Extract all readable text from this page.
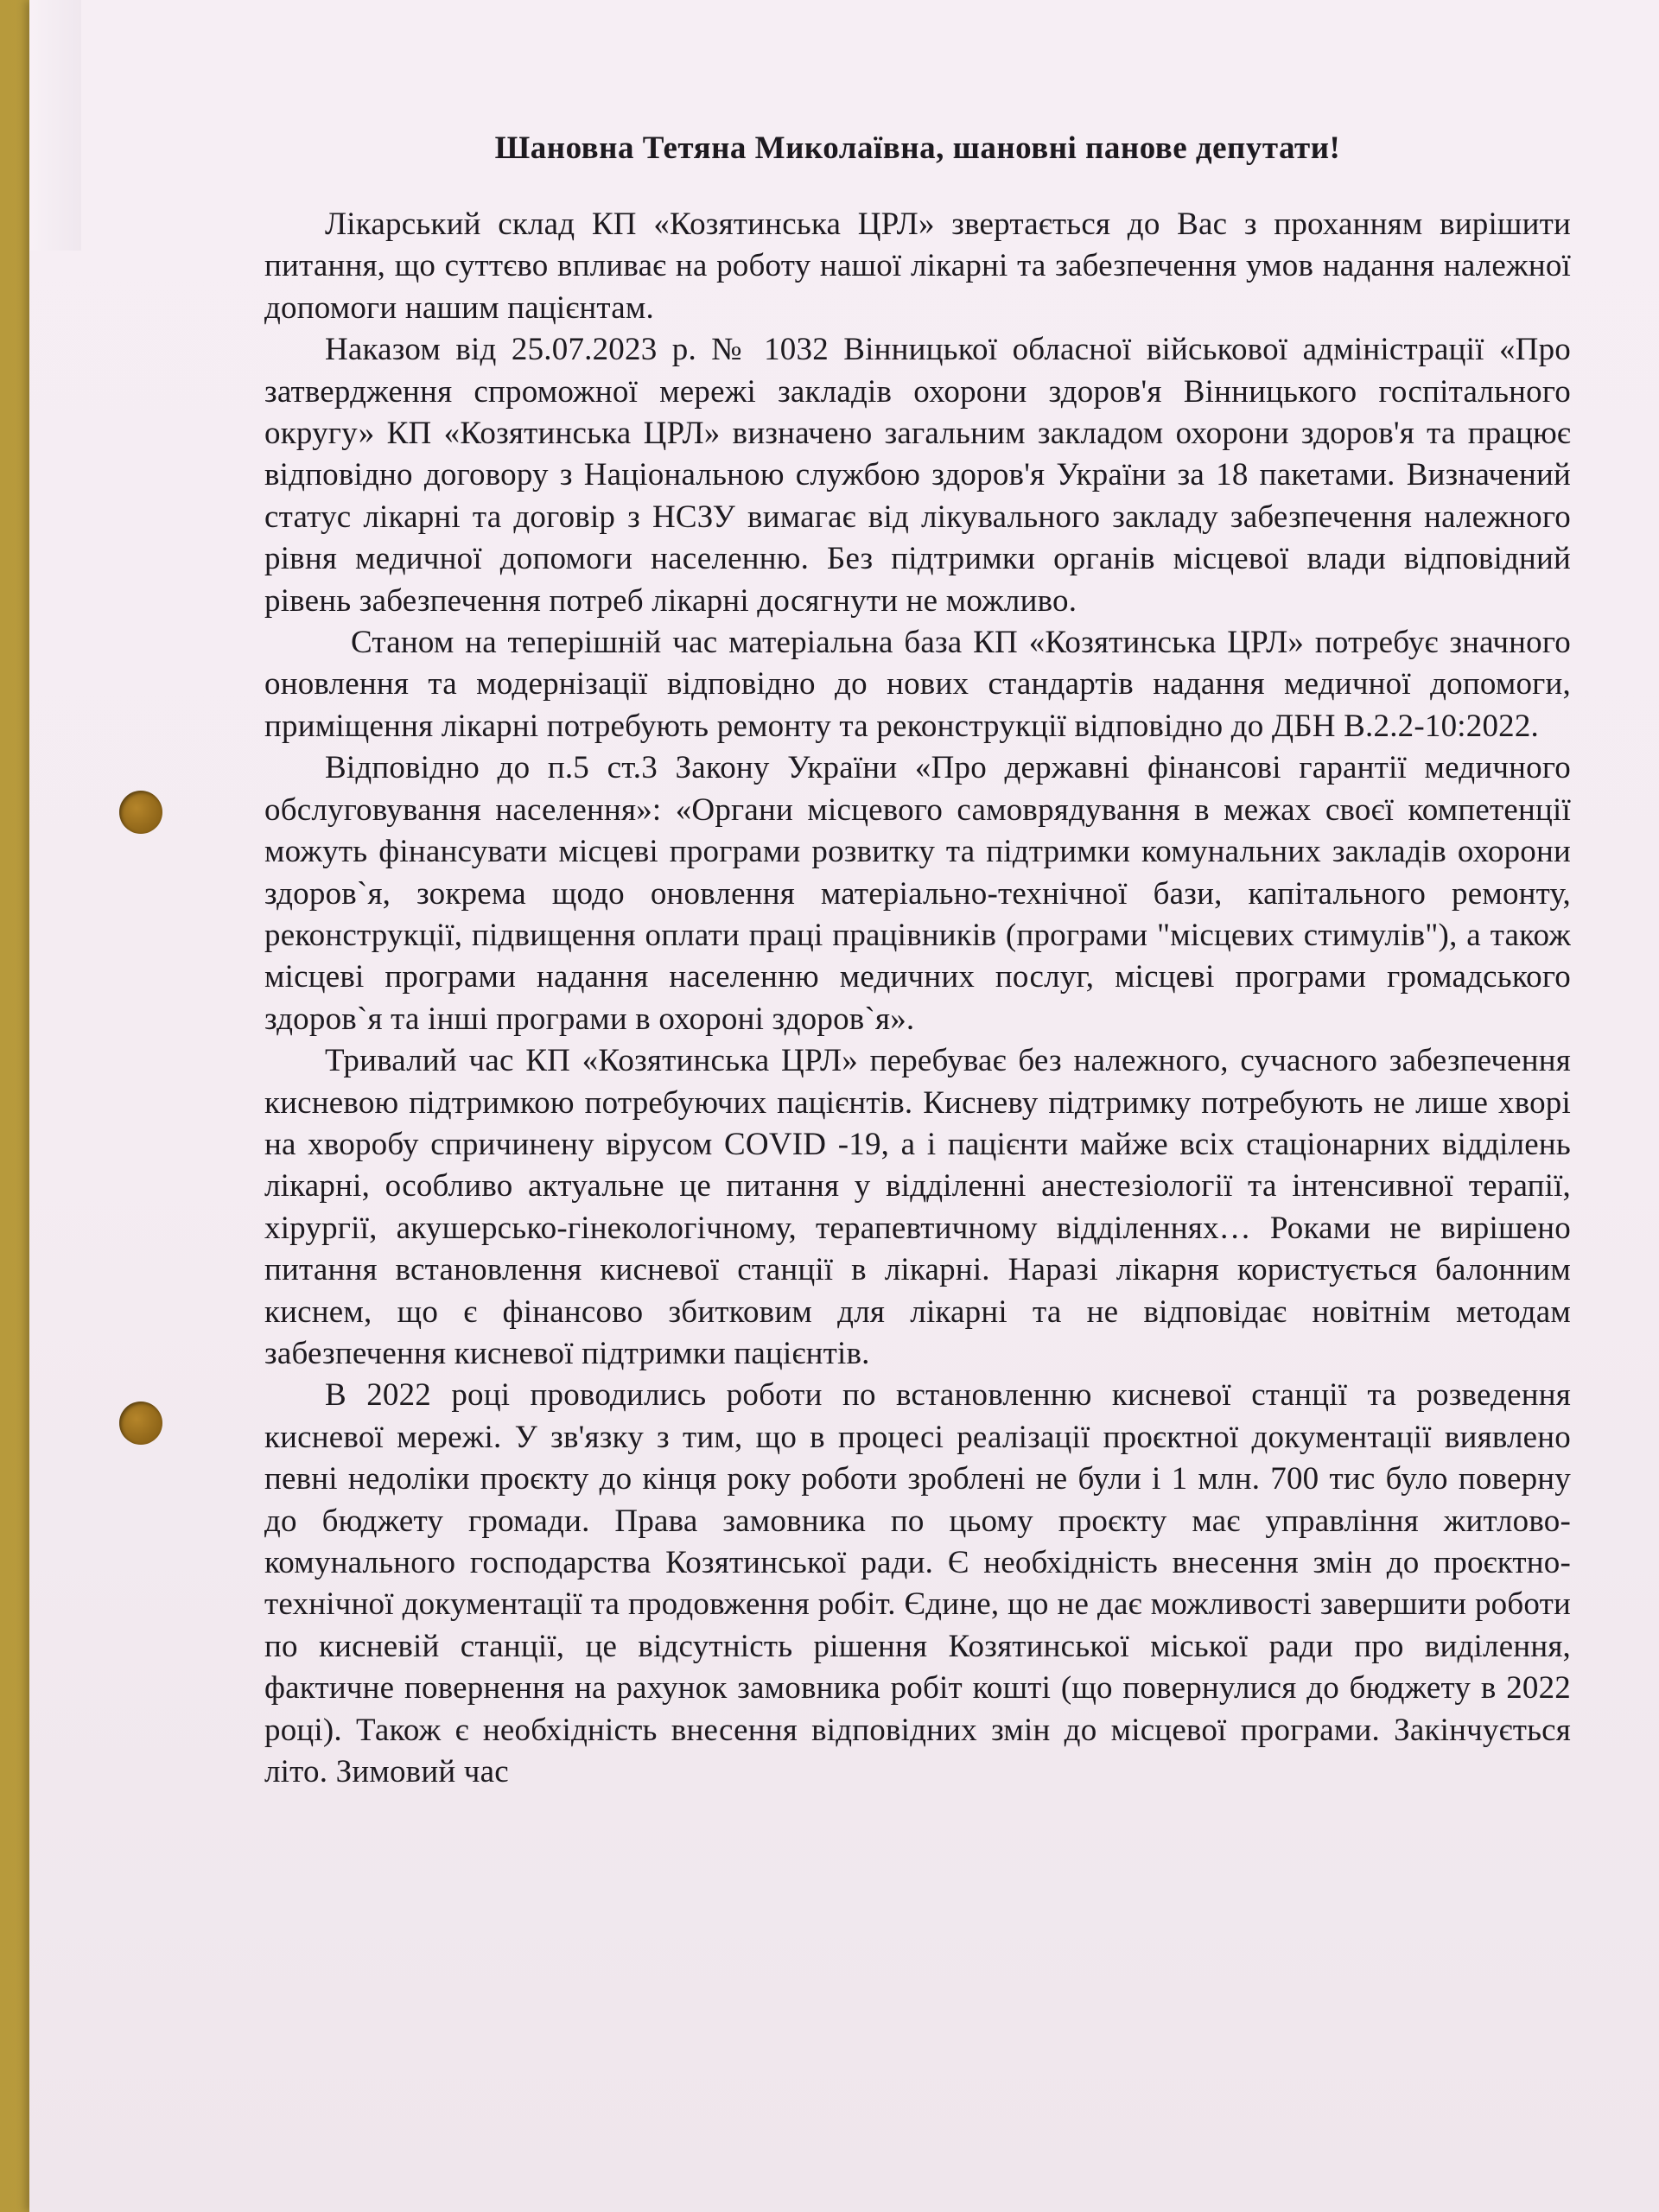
Шановна Тетяна Миколаївна, шановні панове депутати!

Лікарський склад КП «Козятинська ЦРЛ» звертається до Вас з проханням вирішити питання, що суттєво впливає на роботу нашої лікарні та забезпечення умов надання належної допомоги нашим пацієнтам.

Наказом від 25.07.2023 р. № 1032 Вінницької обласної військової адміністрації «Про затвердження спроможної мережі закладів охорони здоров'я Вінницького госпітального округу» КП «Козятинська ЦРЛ» визначено загальним закладом охорони здоров'я та працює відповідно договору з Національною службою здоров'я України за 18 пакетами. Визначений статус лікарні та договір з НСЗУ вимагає від лікувального закладу забезпечення належного рівня медичної допомоги населенню. Без підтримки органів місцевої влади відповідний рівень забезпечення потреб лікарні досягнути не можливо.

Станом на теперішній час матеріальна база КП «Козятинська ЦРЛ» потребує значного оновлення та модернізації відповідно до нових стандартів надання медичної допомоги, приміщення лікарні потребують ремонту та реконструкції відповідно до ДБН В.2.2-10:2022.

Відповідно до п.5 ст.3 Закону України «Про державні фінансові гарантії медичного обслуговування населення»: «Органи місцевого самоврядування в межах своєї компетенції можуть фінансувати місцеві програми розвитку та підтримки комунальних закладів охорони здоров`я, зокрема щодо оновлення матеріально-технічної бази, капітального ремонту, реконструкції, підвищення оплати праці працівників (програми "місцевих стимулів"), а також місцеві програми надання населенню медичних послуг, місцеві програми громадського здоров`я та інші програми в охороні здоров`я».

Тривалий час КП «Козятинська ЦРЛ» перебуває без належного, сучасного забезпечення кисневою підтримкою потребуючих пацієнтів. Кисневу підтримку потребують не лише хворі на хворобу спричинену вірусом COVID -19, а і пацієнти майже всіх стаціонарних відділень лікарні, особливо актуальне це питання у відділенні анестезіології та інтенсивної терапії, хірургії, акушерсько-гінекологічному, терапевтичному відділеннях… Роками не вирішено питання встановлення кисневої станції в лікарні. Наразі лікарня користується балонним киснем, що є фінансово збитковим для лікарні та не відповідає новітнім методам забезпечення кисневої підтримки пацієнтів.

В 2022 році проводились роботи по встановленню кисневої станції та розведення кисневої мережі. У зв'язку з тим, що в процесі реалізації проєктної документації виявлено певні недоліки проєкту до кінця року роботи зроблені не були і 1 млн. 700 тис було поверну до бюджету громади. Права замовника по цьому проєкту має управління житлово-комунального господарства Козятинської ради. Є необхідність внесення змін до проєктно-технічної документації та продовження робіт. Єдине, що не дає можливості завершити роботи по кисневій станції, це відсутність рішення Козятинської міської ради про виділення, фактичне повернення на рахунок замовника робіт кошті (що повернулися до бюджету в 2022 році). Також є необхідність внесення відповідних змін до місцевої програми. Закінчується літо. Зимовий час
